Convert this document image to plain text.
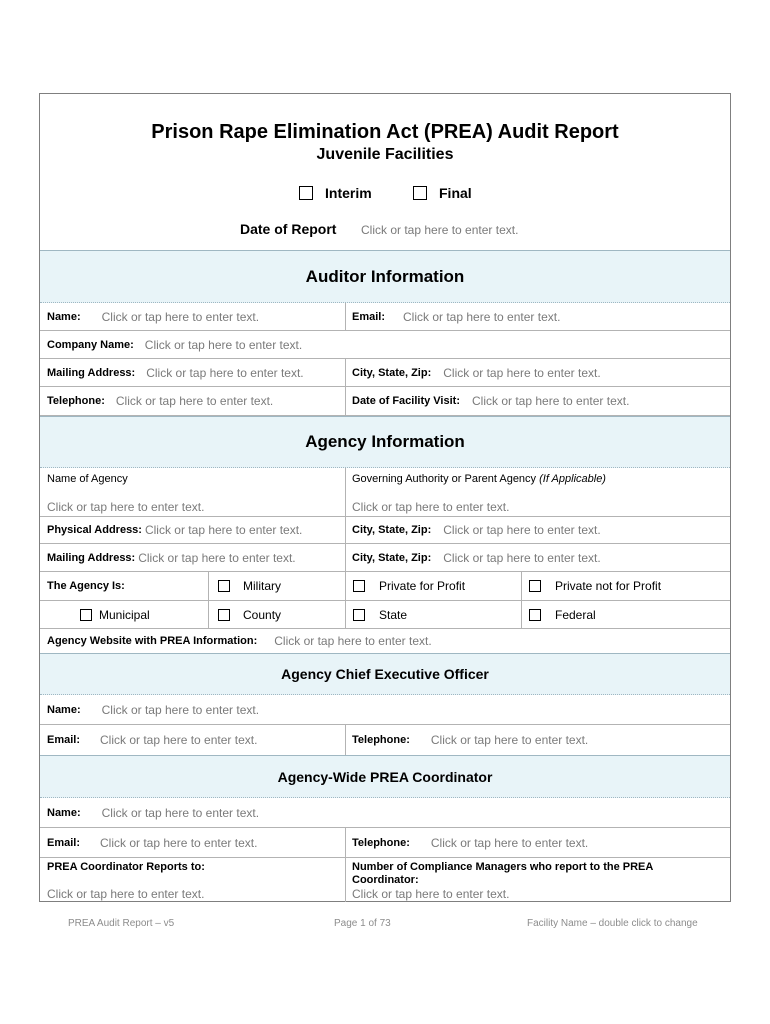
Prison Rape Elimination Act (PREA) Audit Report
Juvenile Facilities
Interim	Final
Date of Report Click or tap here to enter text.
Auditor Information
Name: Click or tap here to enter text.	Email: Click or tap here to enter text.
Company Name: Click or tap here to enter text.
Mailing Address: Click or tap here to enter text.	City, State, Zip: Click or tap here to enter text.
Telephone: Click or tap here to enter text.	Date of Facility Visit: Click or tap here to enter text.
Agency Information
Name of Agency
Click or tap here to enter text.
Governing Authority or Parent Agency (If Applicable)
Click or tap here to enter text.
Physical Address: Click or tap here to enter text.	City, State, Zip: Click or tap here to enter text.
Mailing Address: Click or tap here to enter text.	City, State, Zip: Click or tap here to enter text.
The Agency Is:	Military	Private for Profit	Private not for Profit
Municipal	County	State	Federal
Agency Website with PREA Information: Click or tap here to enter text.
Agency Chief Executive Officer
Name: Click or tap here to enter text.
Email: Click or tap here to enter text.	Telephone: Click or tap here to enter text.
Agency-Wide PREA Coordinator
Name: Click or tap here to enter text.
Email: Click or tap here to enter text.	Telephone: Click or tap here to enter text.
PREA Coordinator Reports to:
Click or tap here to enter text.
Number of Compliance Managers who report to the PREA Coordinator:
Click or tap here to enter text.
PREA Audit Report – v5	Page 1 of 73	Facility Name – double click to change
